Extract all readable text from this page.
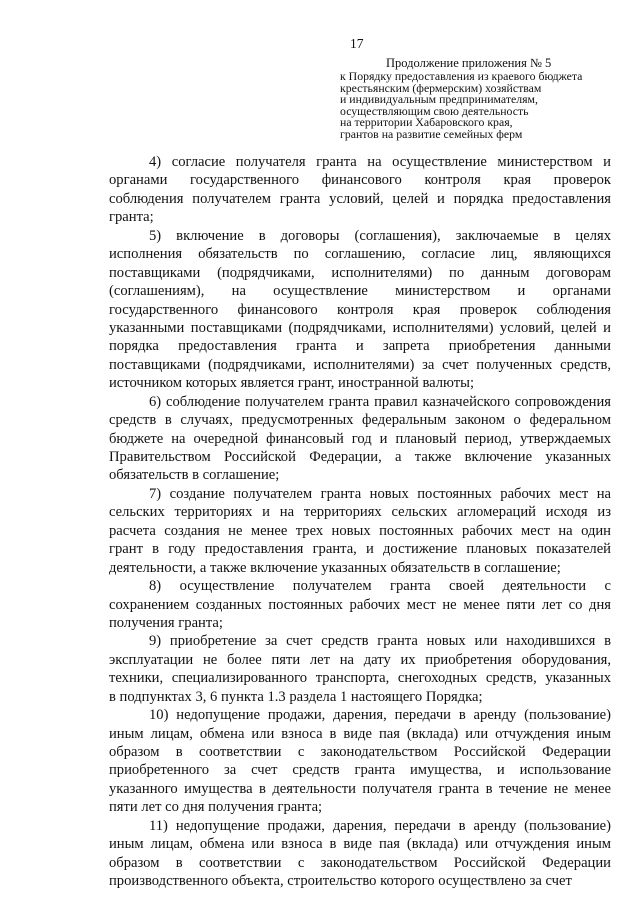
17
Продолжение приложения № 5
к Порядку предоставления из краевого бюджета
крестьянским (фермерским) хозяйствам
и индивидуальным предпринимателям,
осуществляющим свою деятельность
на территории Хабаровского края,
грантов на развитие семейных ферм
4) согласие получателя гранта на осуществление министерством и
органами государственного финансового контроля края проверок
соблюдения получателем гранта условий, целей и порядка предоставления
гранта;
5) включение в договоры (соглашения), заключаемые в целях
исполнения обязательств по соглашению, согласие лиц, являющихся
поставщиками (подрядчиками, исполнителями) по данным договорам
(соглашениям), на осуществление министерством и органами
государственного финансового контроля края проверок соблюдения
указанными поставщиками (подрядчиками, исполнителями) условий, целей и
порядка предоставления гранта и запрета приобретения данными
поставщиками (подрядчиками, исполнителями) за счет полученных средств,
источником которых является грант, иностранной валюты;
6) соблюдение получателем гранта правил казначейского сопровождения
средств в случаях, предусмотренных федеральным законом о федеральном
бюджете на очередной финансовый год и плановый период, утверждаемых
Правительством Российской Федерации, а также включение указанных
обязательств в соглашение;
7) создание получателем гранта новых постоянных рабочих мест на
сельских территориях и на территориях сельских агломераций исходя из
расчета создания не менее трех новых постоянных рабочих мест на один
грант в году предоставления гранта, и достижение плановых показателей
деятельности, а также включение указанных обязательств в соглашение;
8) осуществление получателем гранта своей деятельности с
сохранением созданных постоянных рабочих мест не менее пяти лет со дня
получения гранта;
9) приобретение за счет средств гранта новых или находившихся в
эксплуатации не более пяти лет на дату их приобретения оборудования,
техники, специализированного транспорта, снегоходных средств, указанных
в подпунктах 3, 6 пункта 1.3 раздела 1 настоящего Порядка;
10) недопущение продажи, дарения, передачи в аренду (пользование)
иным лицам, обмена или взноса в виде пая (вклада) или отчуждения иным
образом в соответствии с законодательством Российской Федерации
приобретенного за счет средств гранта имущества, и использование
указанного имущества в деятельности получателя гранта в течение не менее
пяти лет со дня получения гранта;
11) недопущение продажи, дарения, передачи в аренду (пользование)
иным лицам, обмена или взноса в виде пая (вклада) или отчуждения иным
образом в соответствии с законодательством Российской Федерации
производственного объекта, строительство которого осуществлено за счет
